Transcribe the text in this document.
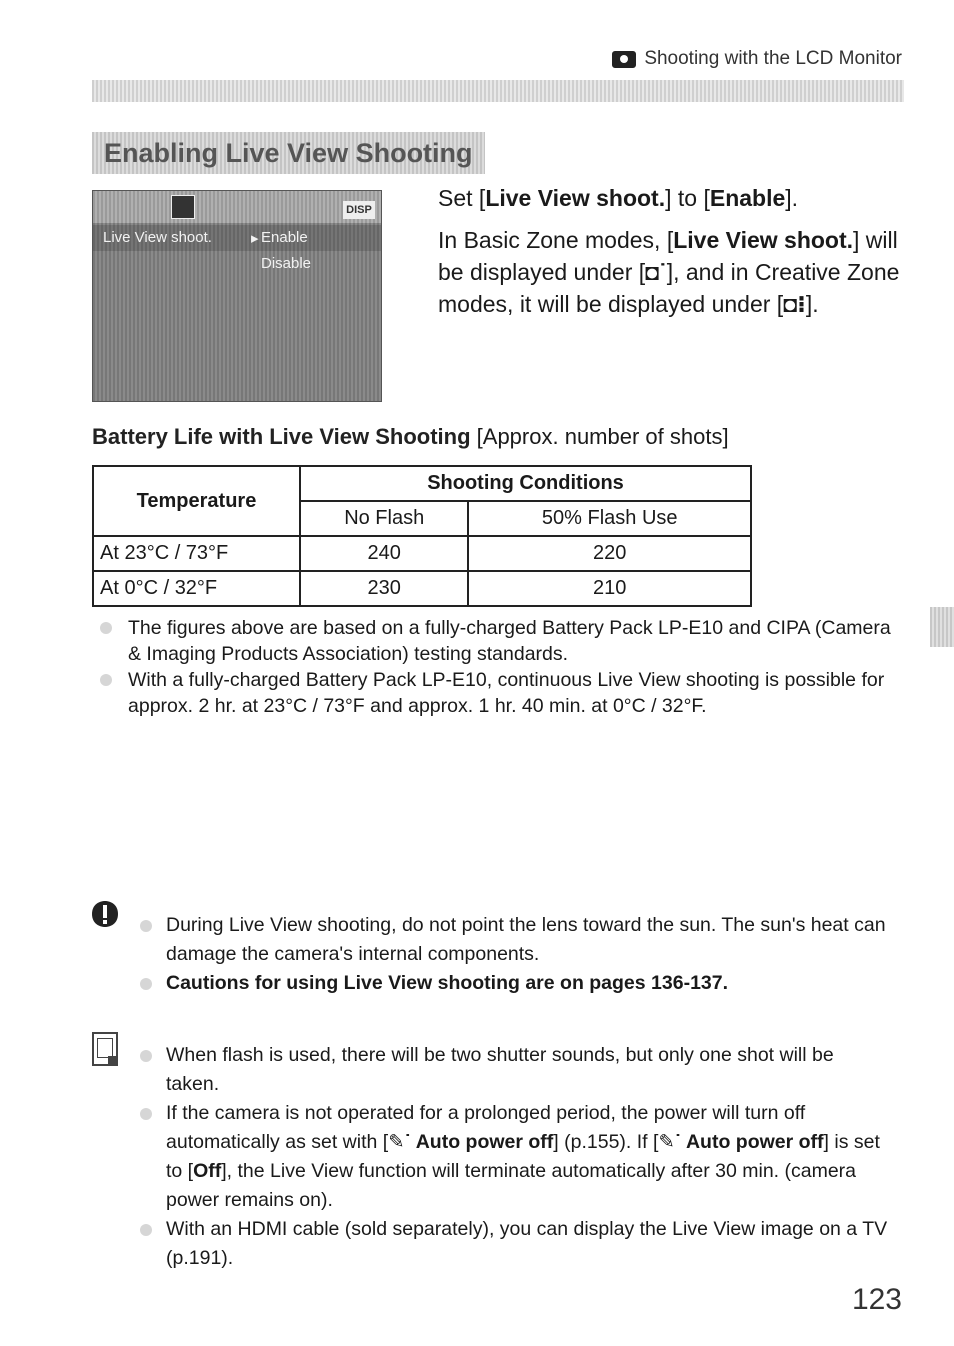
Shooting with the LCD Monitor
Enabling Live View Shooting
DISP
Live View shoot.	▸ Enable
Disable

Set [Live View shoot.] to [Enable].

In Basic Zone modes, [Live View shoot.] will be displayed under [◘˙], and in Creative Zone modes, it will be displayed under [◘⁝].

Battery Life with Live View Shooting [Approx. number of shots]
Temperature	Shooting Conditions	
	No Flash	50% Flash Use
At 23°C / 73°F	240	220
At 0°C / 32°F	230	210
The figures above are based on a fully-charged Battery Pack LP-E10 and CIPA (Camera & Imaging Products Association) testing standards.
With a fully-charged Battery Pack LP-E10, continuous Live View shooting is possible for approx. 2 hr. at 23°C / 73°F and approx. 1 hr. 40 min. at 0°C / 32°F.
During Live View shooting, do not point the lens toward the sun. The sun's heat can damage the camera's internal components.
Cautions for using Live View shooting are on pages 136-137.
When flash is used, there will be two shutter sounds, but only one shot will be taken.
If the camera is not operated for a prolonged period, the power will turn off automatically as set with [✎˙ Auto power off] (p.155). If [✎˙ Auto power off] is set to [Off], the Live View function will terminate automatically after 30 min. (camera power remains on).
With an HDMI cable (sold separately), you can display the Live View image on a TV (p.191).
123
